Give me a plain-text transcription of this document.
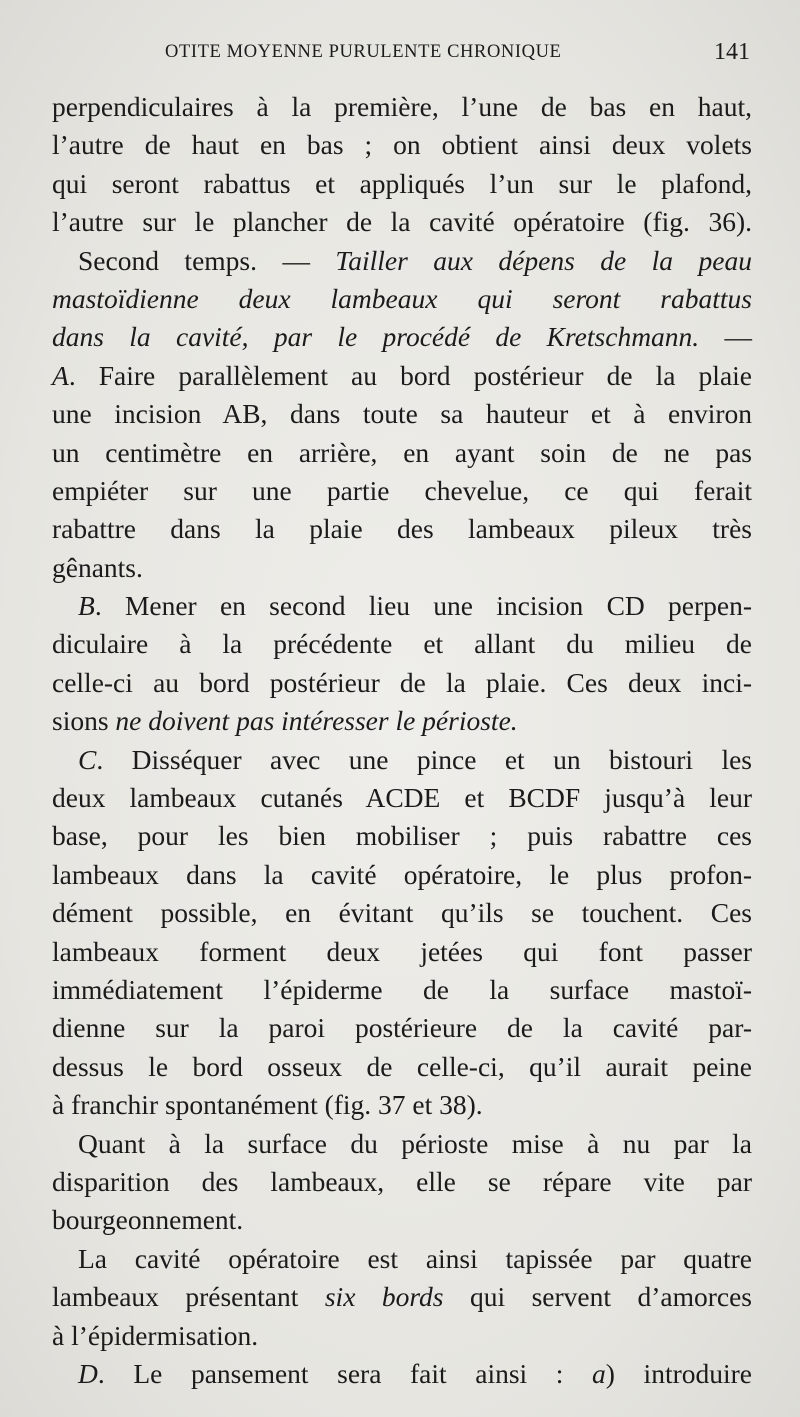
OTITE MOYENNE PURULENTE CHRONIQUE	141
perpendiculaires à la première, l’une de bas en haut,
l’autre de haut en bas ; on obtient ainsi deux volets
qui seront rabattus et appliqués l’un sur le plafond,
l’autre sur le plancher de la cavité opératoire (fig. 36).
Second temps. — Tailler aux dépens de la peau
mastoïdienne deux lambeaux qui seront rabattus
dans la cavité, par le procédé de Kretschmann. —
A. Faire parallèlement au bord postérieur de la plaie
une incision AB, dans toute sa hauteur et à environ
un centimètre en arrière, en ayant soin de ne pas
empiéter sur une partie chevelue, ce qui ferait
rabattre dans la plaie des lambeaux pileux très
gênants.
B. Mener en second lieu une incision CD perpen-
diculaire à la précédente et allant du milieu de
celle-ci au bord postérieur de la plaie. Ces deux inci-
sions ne doivent pas intéresser le périoste.
C. Disséquer avec une pince et un bistouri les
deux lambeaux cutanés ACDE et BCDF jusqu’à leur
base, pour les bien mobiliser ; puis rabattre ces
lambeaux dans la cavité opératoire, le plus profon-
dément possible, en évitant qu’ils se touchent. Ces
lambeaux forment deux jetées qui font passer
immédiatement l’épiderme de la surface mastoï-
dienne sur la paroi postérieure de la cavité par-
dessus le bord osseux de celle-ci, qu’il aurait peine
à franchir spontanément (fig. 37 et 38).
Quant à la surface du périoste mise à nu par la
disparition des lambeaux, elle se répare vite par
bourgeonnement.
La cavité opératoire est ainsi tapissée par quatre
lambeaux présentant six bords qui servent d’amorces
à l’épidermisation.
D. Le pansement sera fait ainsi : a) introduire
